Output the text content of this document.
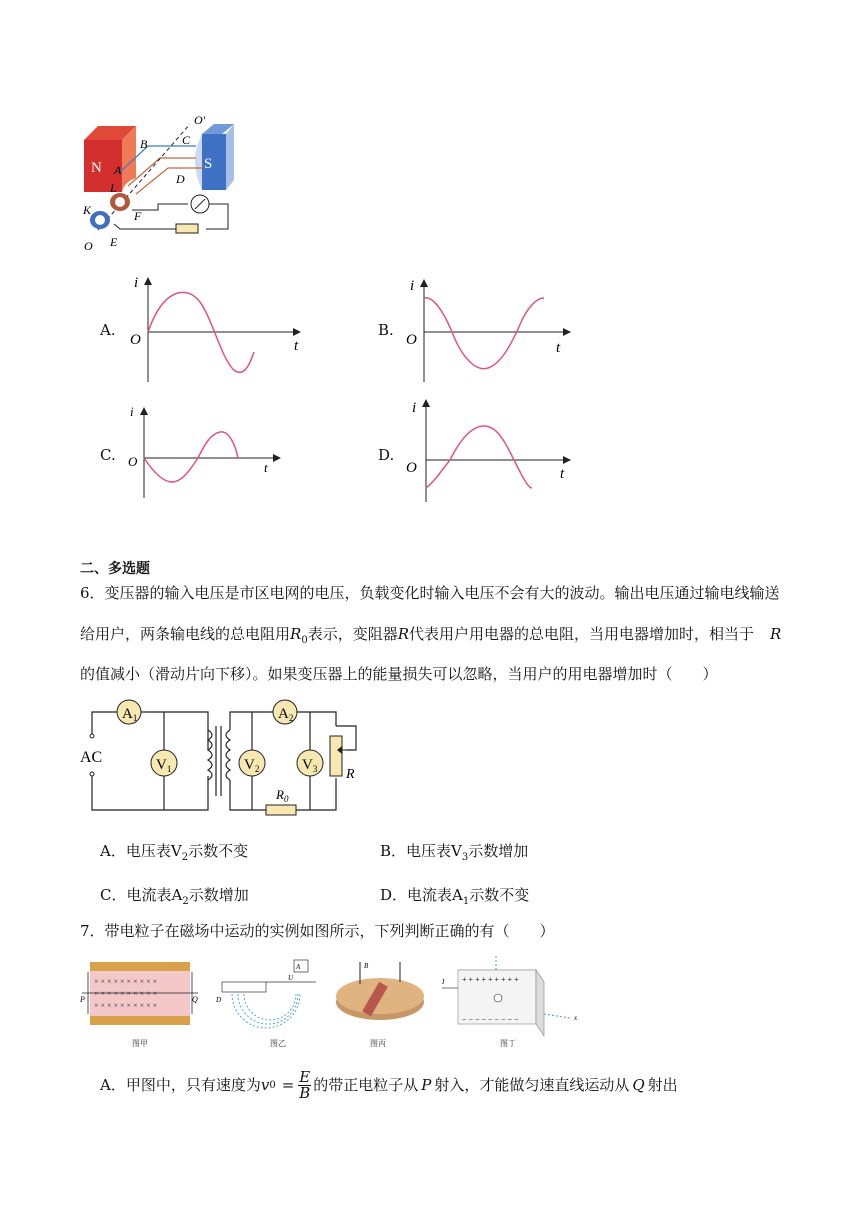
N	S
B	C
O'
A
D
L
K	F
E
O
A.
i
O	t
B.
i
O	t
C.
i
O	t
D.
i
O	t
二、多选题
6．变压器的输入电压是市区电网的电压，负载变化时输入电压不会有大的波动。输出电压通过输电线输送
给用户，两条输电线的总电阻用$R_0$表示，变阻器R代表用户用电器的总电阻，当用电器增加时，相当于 R
的值减小（滑动片向下移）。如果变压器上的能量损失可以忽略，当用户的用电器增加时（　　）
$A_1$	$A_2$
$V_1$	$V_2$	$V_3$
AC
R
$R_0$
A．电压表$V_2$示数不变	B．电压表$V_3$示数增加
C．电流表$A_2$示数增加	D．电流表$A_1$示数不变
7．带电粒子在磁场中运动的实例如图所示，下列判断正确的有（　　）
× × × × × × × × × ×
× × × × × × × × × ×
× × × × × × × × × ×
P	Q
图甲
A
U
D
图乙
B
图丙
+ + + + + + + + +
− − − − − − − − −
I
x
图丁
A．甲图中，只有速度为 v $0 = \frac{E}{B}$ 的带正电粒子从 P 射入，才能做匀速直线运动从 Q 射出
